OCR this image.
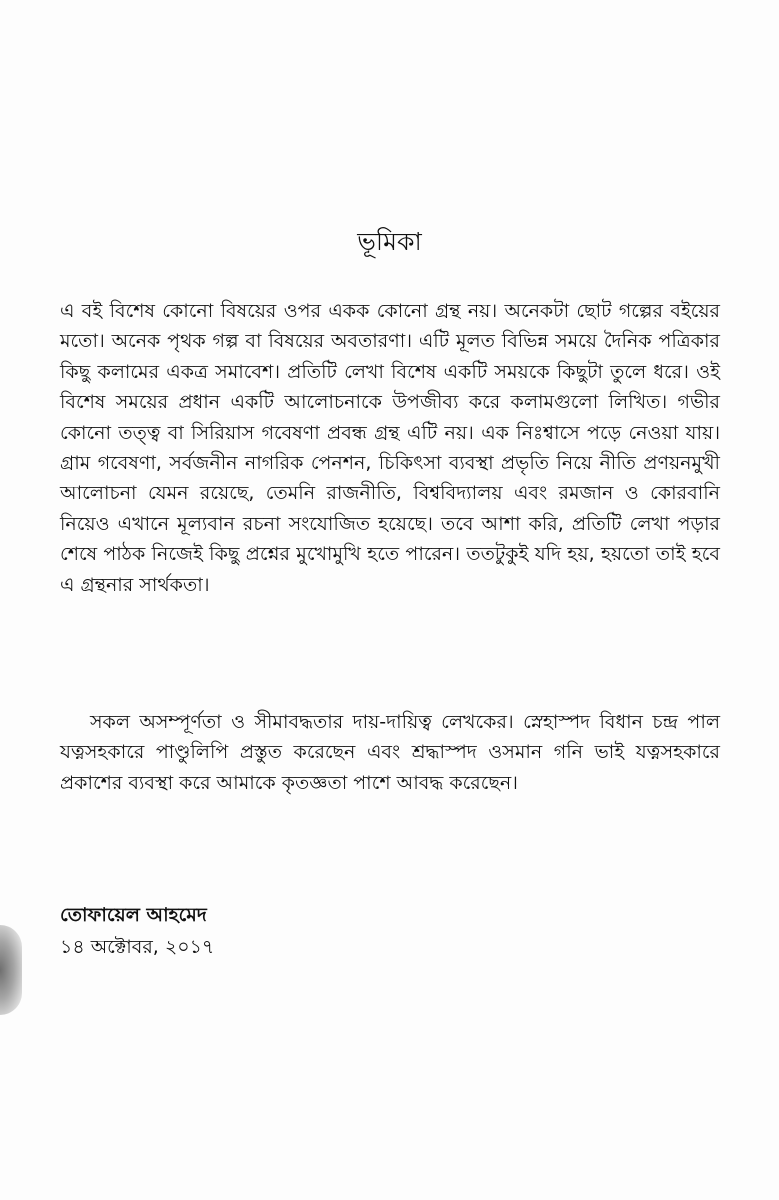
ভূমিকা
এ বই বিশেষ কোনো বিষয়ের ওপর একক কোনো গ্রন্থ নয়। অনেকটা ছোট গল্পের বইয়ের মতো। অনেক পৃথক গল্প বা বিষয়ের অবতারণা। এটি মূলত বিভিন্ন সময়ে দৈনিক পত্রিকার কিছু কলামের একত্র সমাবেশ। প্রতিটি লেখা বিশেষ একটি সময়কে কিছুটা তুলে ধরে। ওই বিশেষ সময়ের প্রধান একটি আলোচনাকে উপজীব্য করে কলামগুলো লিখিত। গভীর কোনো তত্ত্ব বা সিরিয়াস গবেষণা প্রবন্ধ গ্রন্থ এটি নয়। এক নিঃশ্বাসে পড়ে নেওয়া যায়। গ্রাম গবেষণা, সর্বজনীন নাগরিক পেনশন, চিকিৎসা ব্যবস্থা প্রভৃতি নিয়ে নীতি প্রণয়নমুখী আলোচনা যেমন রয়েছে, তেমনি রাজনীতি, বিশ্ববিদ্যালয় এবং রমজান ও কোরবানি নিয়েও এখানে মূল্যবান রচনা সংযোজিত হয়েছে। তবে আশা করি, প্রতিটি লেখা পড়ার শেষে পাঠক নিজেই কিছু প্রশ্নের মুখোমুখি হতে পারেন। ততটুকুই যদি হয়, হয়তো তাই হবে এ গ্রন্থনার সার্থকতা।
সকল অসম্পূর্ণতা ও সীমাবদ্ধতার দায়-দায়িত্ব লেখকের। স্নেহাস্পদ বিধান চন্দ্র পাল যত্নসহকারে পাণ্ডুলিপি প্রস্তুত করেছেন এবং শ্রদ্ধাস্পদ ওসমান গনি ভাই যত্নসহকারে প্রকাশের ব্যবস্থা করে আমাকে কৃতজ্ঞতা পাশে আবদ্ধ করেছেন।
তোফায়েল আহমেদ
১৪ অক্টোবর, ২০১৭
